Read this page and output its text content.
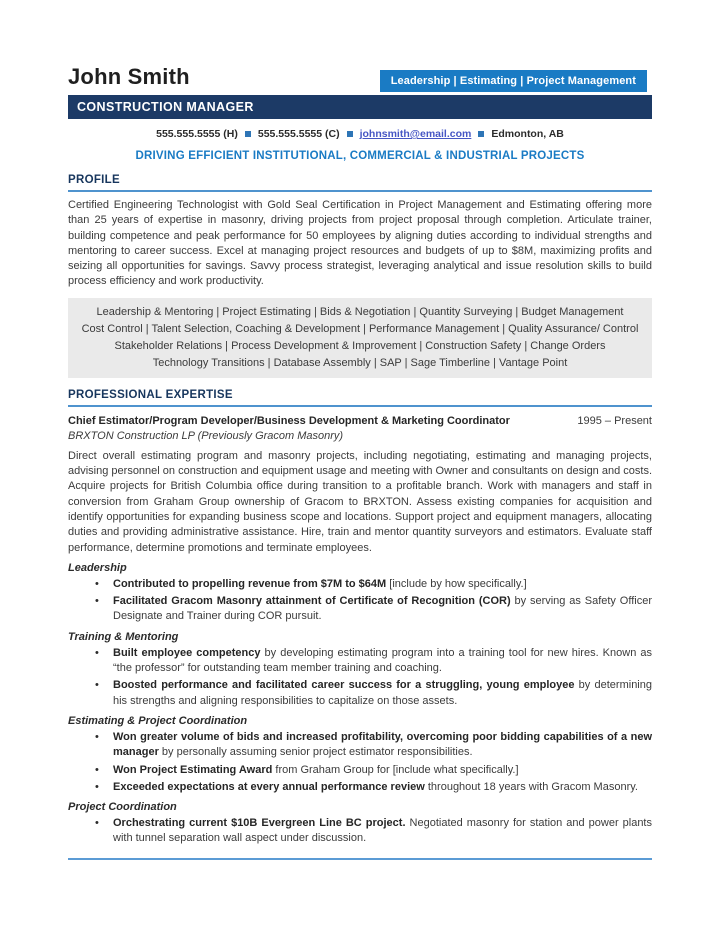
John Smith	Leadership | Estimating | Project Management
CONSTRUCTION MANAGER
555.555.5555 (H) 555.555.5555 (C) johnsmith@email.com Edmonton, AB
DRIVING EFFICIENT INSTITUTIONAL, COMMERCIAL & INDUSTRIAL PROJECTS
PROFILE
Certified Engineering Technologist with Gold Seal Certification in Project Management and Estimating offering more than 25 years of expertise in masonry, driving projects from project proposal through completion. Articulate trainer, building competence and peak performance for 50 employees by aligning duties according to individual strengths and mentoring to career success. Excel at managing project resources and budgets of up to $8M, maximizing profits and seizing all opportunities for savings. Savvy process strategist, leveraging analytical and issue resolution skills to build process efficiency and work productivity.
Leadership & Mentoring | Project Estimating | Bids & Negotiation | Quantity Surveying | Budget Management
Cost Control | Talent Selection, Coaching & Development | Performance Management | Quality Assurance/ Control
Stakeholder Relations | Process Development & Improvement | Construction Safety | Change Orders
Technology Transitions | Database Assembly | SAP | Sage Timberline | Vantage Point
PROFESSIONAL EXPERTISE
Chief Estimator/Program Developer/Business Development & Marketing Coordinator	1995 – Present
BRXTON Construction LP (Previously Gracom Masonry)
Direct overall estimating program and masonry projects, including negotiating, estimating and managing projects, advising personnel on construction and equipment usage and meeting with Owner and consultants on design and costs. Acquire projects for British Columbia office during transition to a profitable branch. Work with managers and staff in conversion from Graham Group ownership of Gracom to BRXTON. Assess existing companies for acquisition and identify opportunities for expanding business scope and locations. Support project and equipment managers, allocating duties and providing administrative assistance. Hire, train and mentor quantity surveyors and estimators. Evaluate staff performance, determine promotions and terminate employees.
Leadership
•	Contributed to propelling revenue from $7M to $64M [include by how specifically.]
•	Facilitated Gracom Masonry attainment of Certificate of Recognition (COR) by serving as Safety Officer Designate and Trainer during COR pursuit.
Training & Mentoring
•	Built employee competency by developing estimating program into a training tool for new hires. Known as “the professor” for outstanding team member training and coaching.
•	Boosted performance and facilitated career success for a struggling, young employee by determining his strengths and aligning responsibilities to capitalize on those assets.
Estimating & Project Coordination
•	Won greater volume of bids and increased profitability, overcoming poor bidding capabilities of a new manager by personally assuming senior project estimator responsibilities.
•	Won Project Estimating Award from Graham Group for [include what specifically.]
•	Exceeded expectations at every annual performance review throughout 18 years with Gracom Masonry.
Project Coordination
•	Orchestrating current $10B Evergreen Line BC project. Negotiated masonry for station and power plants with tunnel separation wall aspect under discussion.
